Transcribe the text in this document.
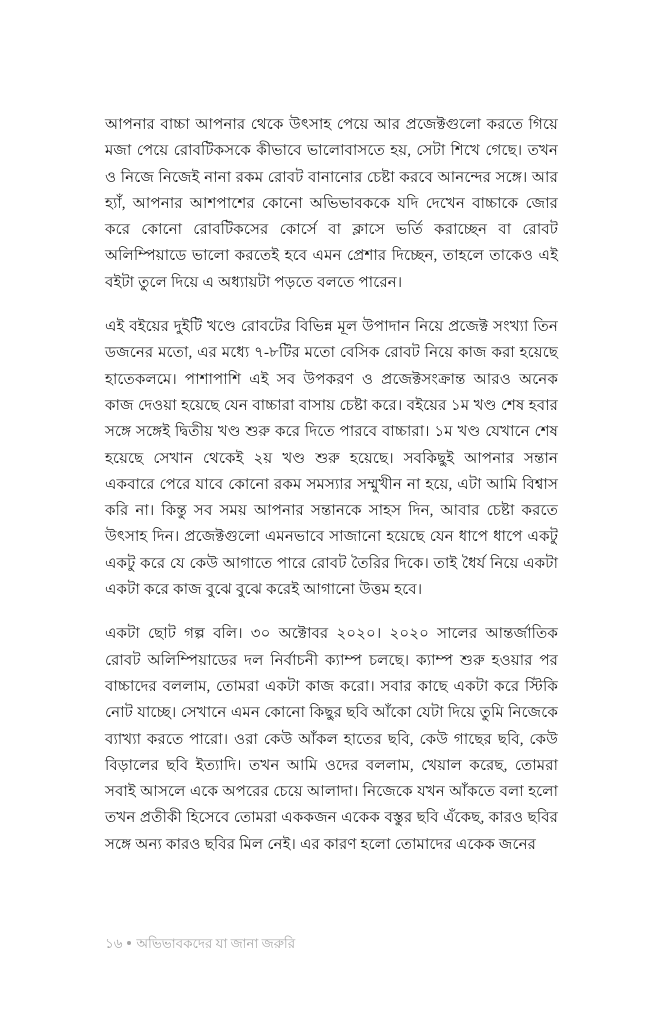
আপনার বাচ্চা আপনার থেকে উৎসাহ পেয়ে আর প্রজেক্টগুলো করতে গিয়ে মজা পেয়ে রোবটিকসকে কীভাবে ভালোবাসতে হয়, সেটা শিখে গেছে। তখন ও নিজে নিজেই নানা রকম রোবট বানানোর চেষ্টা করবে আনন্দের সঙ্গে। আর হ্যাঁ, আপনার আশপাশের কোনো অভিভাবককে যদি দেখেন বাচ্চাকে জোর করে কোনো রোবটিকসের কোর্সে বা ক্লাসে ভর্তি করাচ্ছেন বা রোবট অলিম্পিয়াডে ভালো করতেই হবে এমন প্রেশার দিচ্ছেন, তাহলে তাকেও এই বইটা তুলে দিয়ে এ অধ্যায়টা পড়তে বলতে পারেন।

এই বইয়ের দুইটি খণ্ডে রোবটের বিভিন্ন মূল উপাদান নিয়ে প্রজেক্ট সংখ্যা তিন ডজনের মতো, এর মধ্যে ৭-৮টির মতো বেসিক রোবট নিয়ে কাজ করা হয়েছে হাতেকলমে। পাশাপাশি এই সব উপকরণ ও প্রজেক্টসংক্রান্ত আরও অনেক কাজ দেওয়া হয়েছে যেন বাচ্চারা বাসায় চেষ্টা করে। বইয়ের ১ম খণ্ড শেষ হবার সঙ্গে সঙ্গেই দ্বিতীয় খণ্ড শুরু করে দিতে পারবে বাচ্চারা। ১ম খণ্ড যেখানে শেষ হয়েছে সেখান থেকেই ২য় খণ্ড শুরু হয়েছে। সবকিছুই আপনার সন্তান একবারে পেরে যাবে কোনো রকম সমস্যার সম্মুখীন না হয়ে, এটা আমি বিশ্বাস করি না। কিন্তু সব সময় আপনার সন্তানকে সাহস দিন, আবার চেষ্টা করতে উৎসাহ দিন। প্রজেক্টগুলো এমনভাবে সাজানো হয়েছে যেন ধাপে ধাপে একটু একটু করে যে কেউ আগাতে পারে রোবট তৈরির দিকে। তাই ধৈর্য নিয়ে একটা একটা করে কাজ বুঝে বুঝে করেই আগানো উত্তম হবে।

একটা ছোট গল্প বলি। ৩০ অক্টোবর ২০২০। ২০২০ সালের আন্তর্জাতিক রোবট অলিম্পিয়াডের দল নির্বাচনী ক্যাম্প চলছে। ক্যাম্প শুরু হওয়ার পর বাচ্চাদের বললাম, তোমরা একটা কাজ করো। সবার কাছে একটা করে স্টিকি নোট যাচ্ছে। সেখানে এমন কোনো কিছুর ছবি আঁকো যেটা দিয়ে তুমি নিজেকে ব্যাখ্যা করতে পারো। ওরা কেউ আঁকল হাতের ছবি, কেউ গাছের ছবি, কেউ বিড়ালের ছবি ইত্যাদি। তখন আমি ওদের বললাম, খেয়াল করেছ, তোমরা সবাই আসলে একে অপরের চেয়ে আলাদা। নিজেকে যখন আঁকতে বলা হলো তখন প্রতীকী হিসেবে তোমরা এককজন একেক বস্তুর ছবি এঁকেছ, কারও ছবির সঙ্গে অন্য কারও ছবির মিল নেই। এর কারণ হলো তোমাদের একেক জনের

১৬ অভিভাবকদের যা জানা জরুরি
